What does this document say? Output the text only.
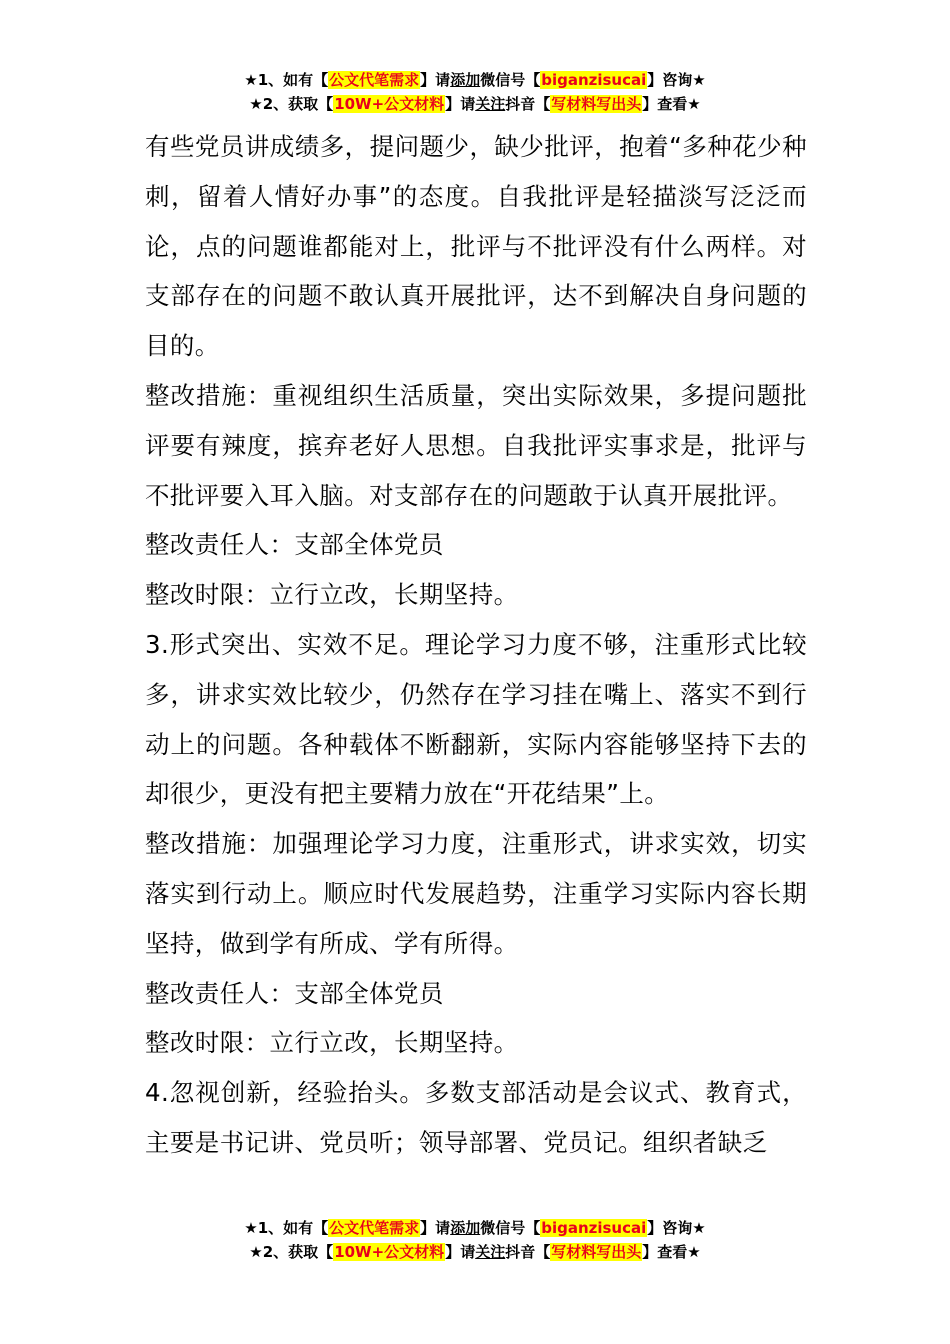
★1、如有【公文代笔需求】请添加微信号【biganzisucai】咨询★
★2、获取【10W+公文材料】请关注抖音【写材料写出头】查看★

有些党员讲成绩多，提问题少，缺少批评，抱着“多种花少种刺，留着人情好办事”的态度。自我批评是轻描淡写泛泛而论，点的问题谁都能对上，批评与不批评没有什么两样。对支部存在的问题不敢认真开展批评，达不到解决自身问题的目的。

整改措施：重视组织生活质量，突出实际效果，多提问题批评要有辣度，摈弃老好人思想。自我批评实事求是，批评与不批评要入耳入脑。对支部存在的问题敢于认真开展批评。

整改责任人：支部全体党员

整改时限：立行立改，长期坚持。

3.形式突出、实效不足。理论学习力度不够，注重形式比较多，讲求实效比较少，仍然存在学习挂在嘴上、落实不到行动上的问题。各种载体不断翻新，实际内容能够坚持下去的却很少，更没有把主要精力放在“开花结果”上。

整改措施：加强理论学习力度，注重形式，讲求实效，切实落实到行动上。顺应时代发展趋势，注重学习实际内容长期坚持，做到学有所成、学有所得。

整改责任人：支部全体党员

整改时限：立行立改，长期坚持。

4.忽视创新，经验抬头。多数支部活动是会议式、教育式，主要是书记讲、党员听；领导部署、党员记。组织者缺乏

★1、如有【公文代笔需求】请添加微信号【biganzisucai】咨询★
★2、获取【10W+公文材料】请关注抖音【写材料写出头】查看★
